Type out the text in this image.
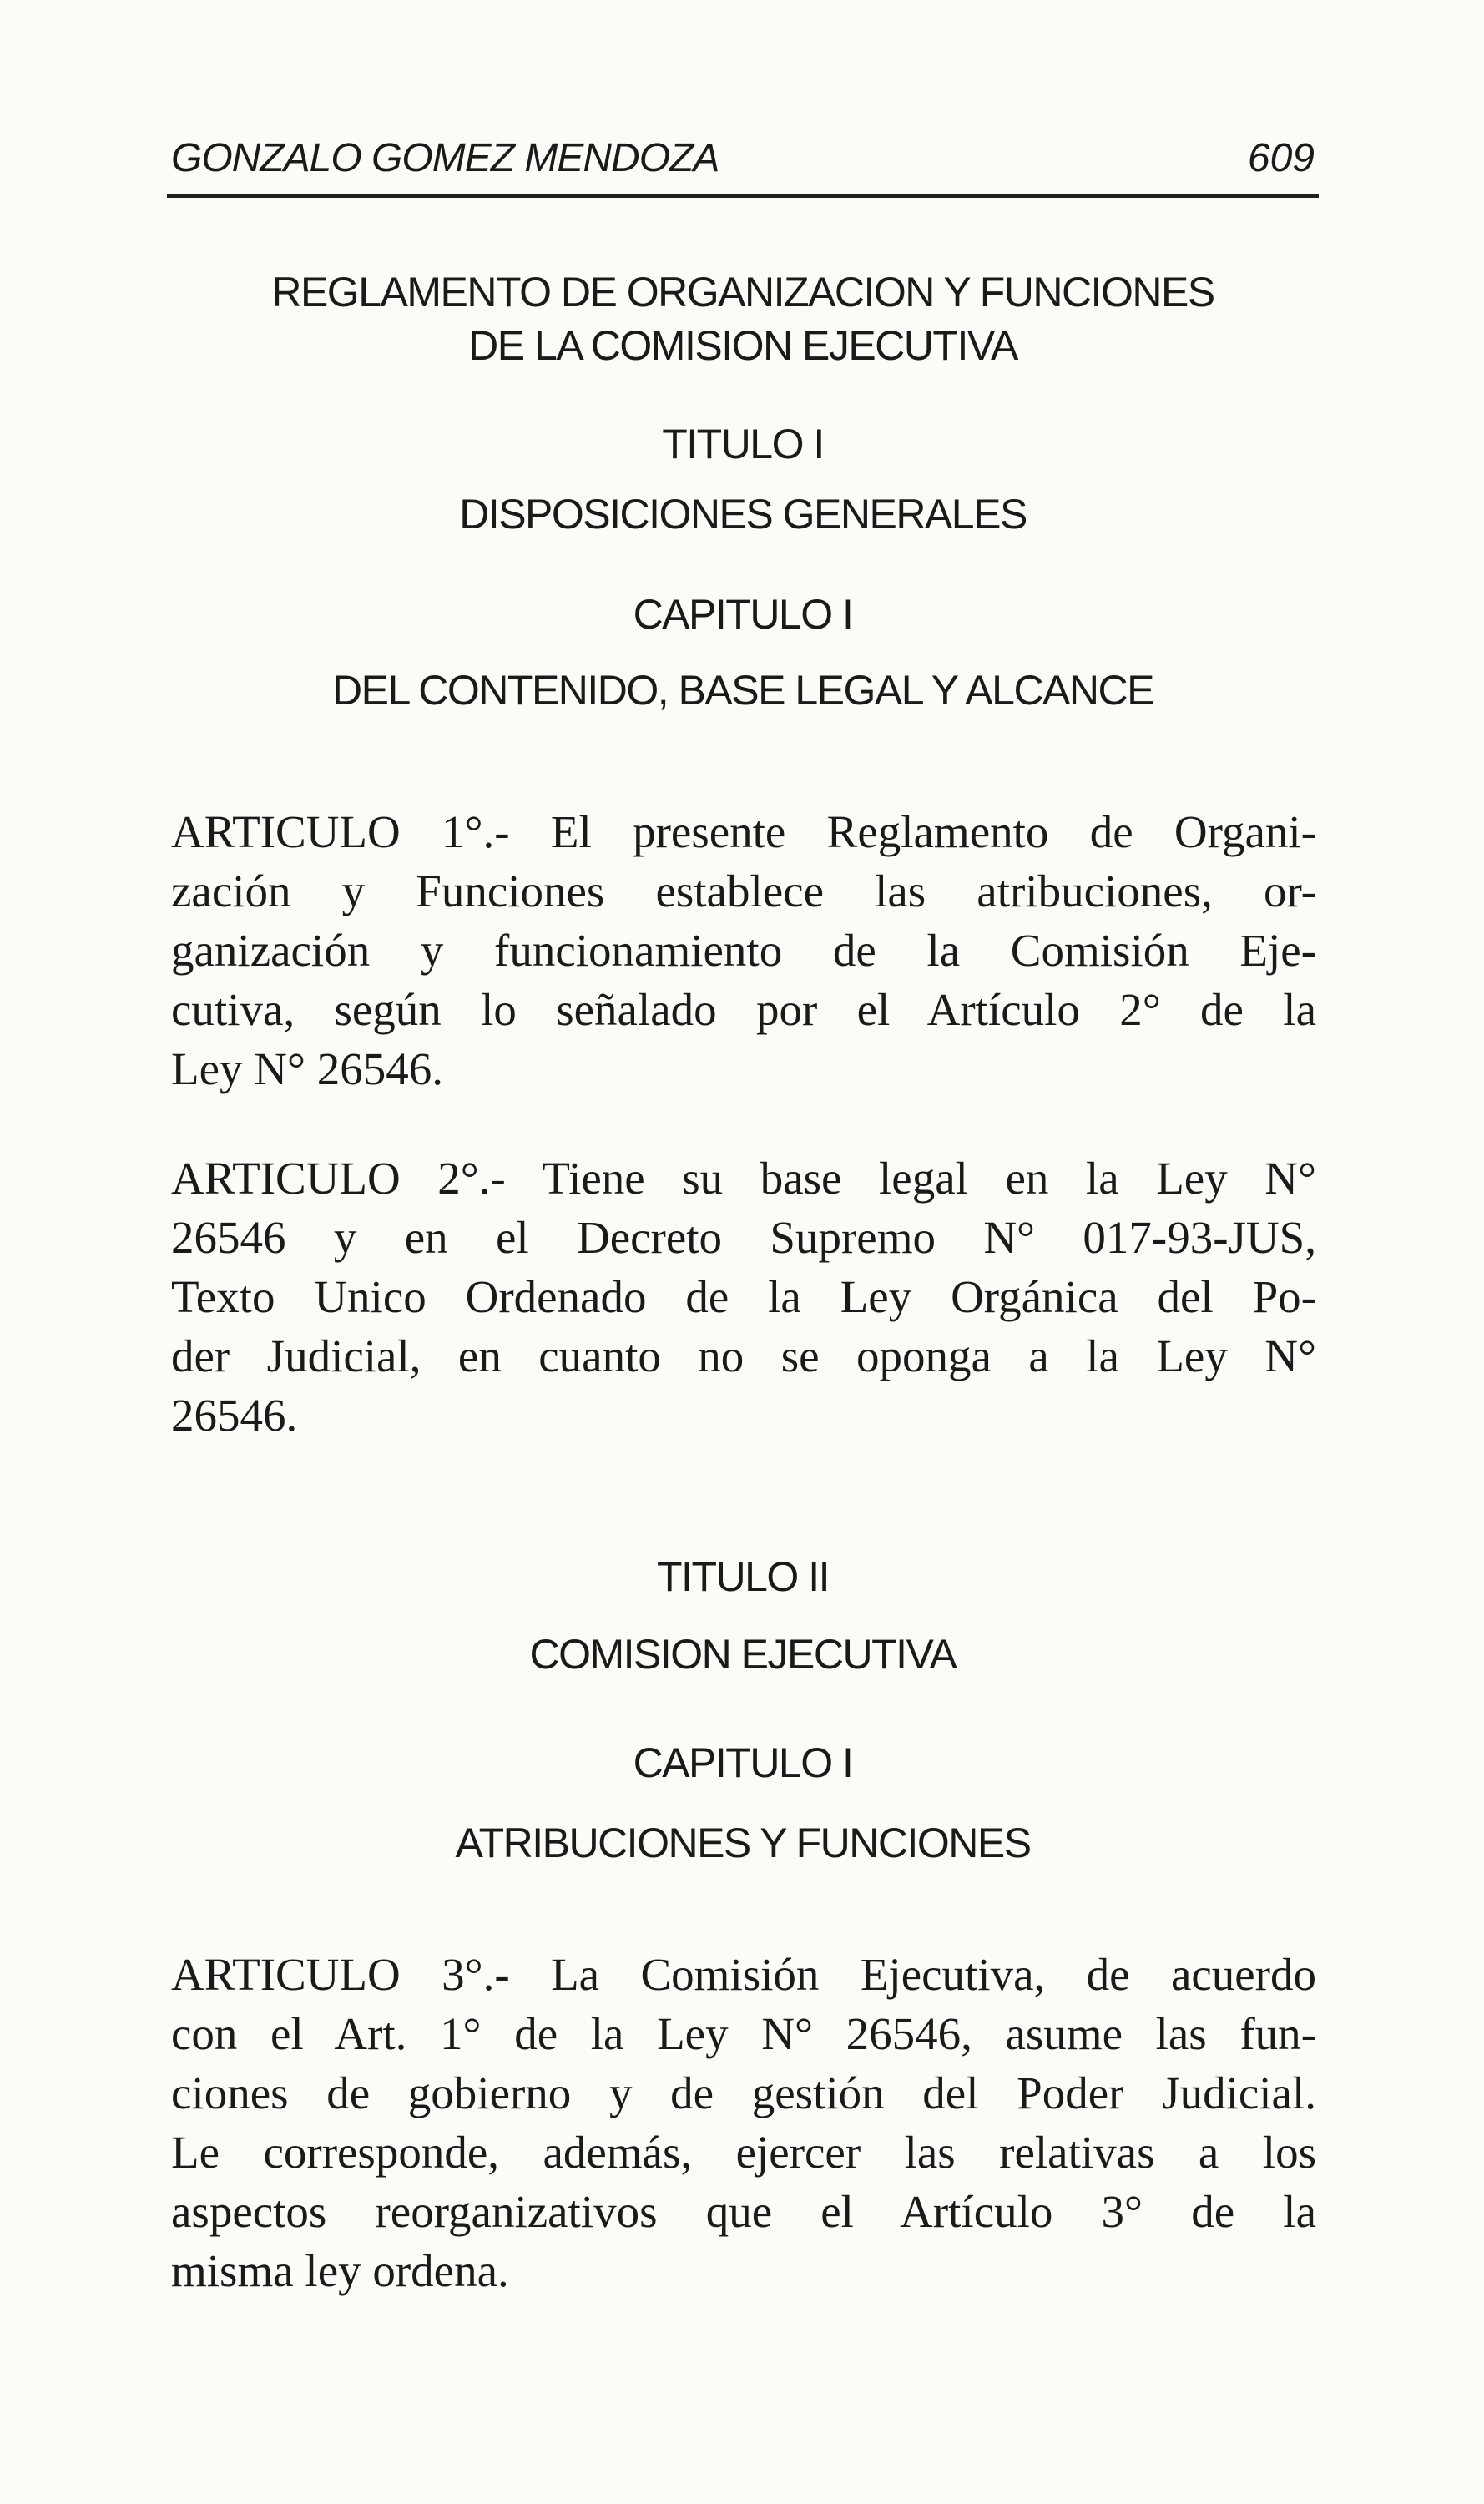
GONZALO GOMEZ MENDOZA	609
REGLAMENTO DE ORGANIZACION Y FUNCIONES
DE LA COMISION EJECUTIVA
TITULO I
DISPOSICIONES GENERALES
CAPITULO I
DEL CONTENIDO, BASE LEGAL Y ALCANCE
ARTICULO 1°.- El presente Reglamento de Organi-
zación y Funciones establece las atribuciones, or-
ganización y funcionamiento de la Comisión Eje-
cutiva, según lo señalado por el Artículo 2° de la
Ley N° 26546.
ARTICULO 2°.- Tiene su base legal en la Ley N°
26546 y en el Decreto Supremo N° 017-93-JUS,
Texto Unico Ordenado de la Ley Orgánica del Po-
der Judicial, en cuanto no se oponga a la Ley N°
26546.
TITULO II
COMISION EJECUTIVA
CAPITULO I
ATRIBUCIONES Y FUNCIONES
ARTICULO 3°.- La Comisión Ejecutiva, de acuerdo
con el Art. 1° de la Ley N° 26546, asume las fun-
ciones de gobierno y de gestión del Poder Judicial.
Le corresponde, además, ejercer las relativas a los
aspectos reorganizativos que el Artículo 3° de la
misma ley ordena.
